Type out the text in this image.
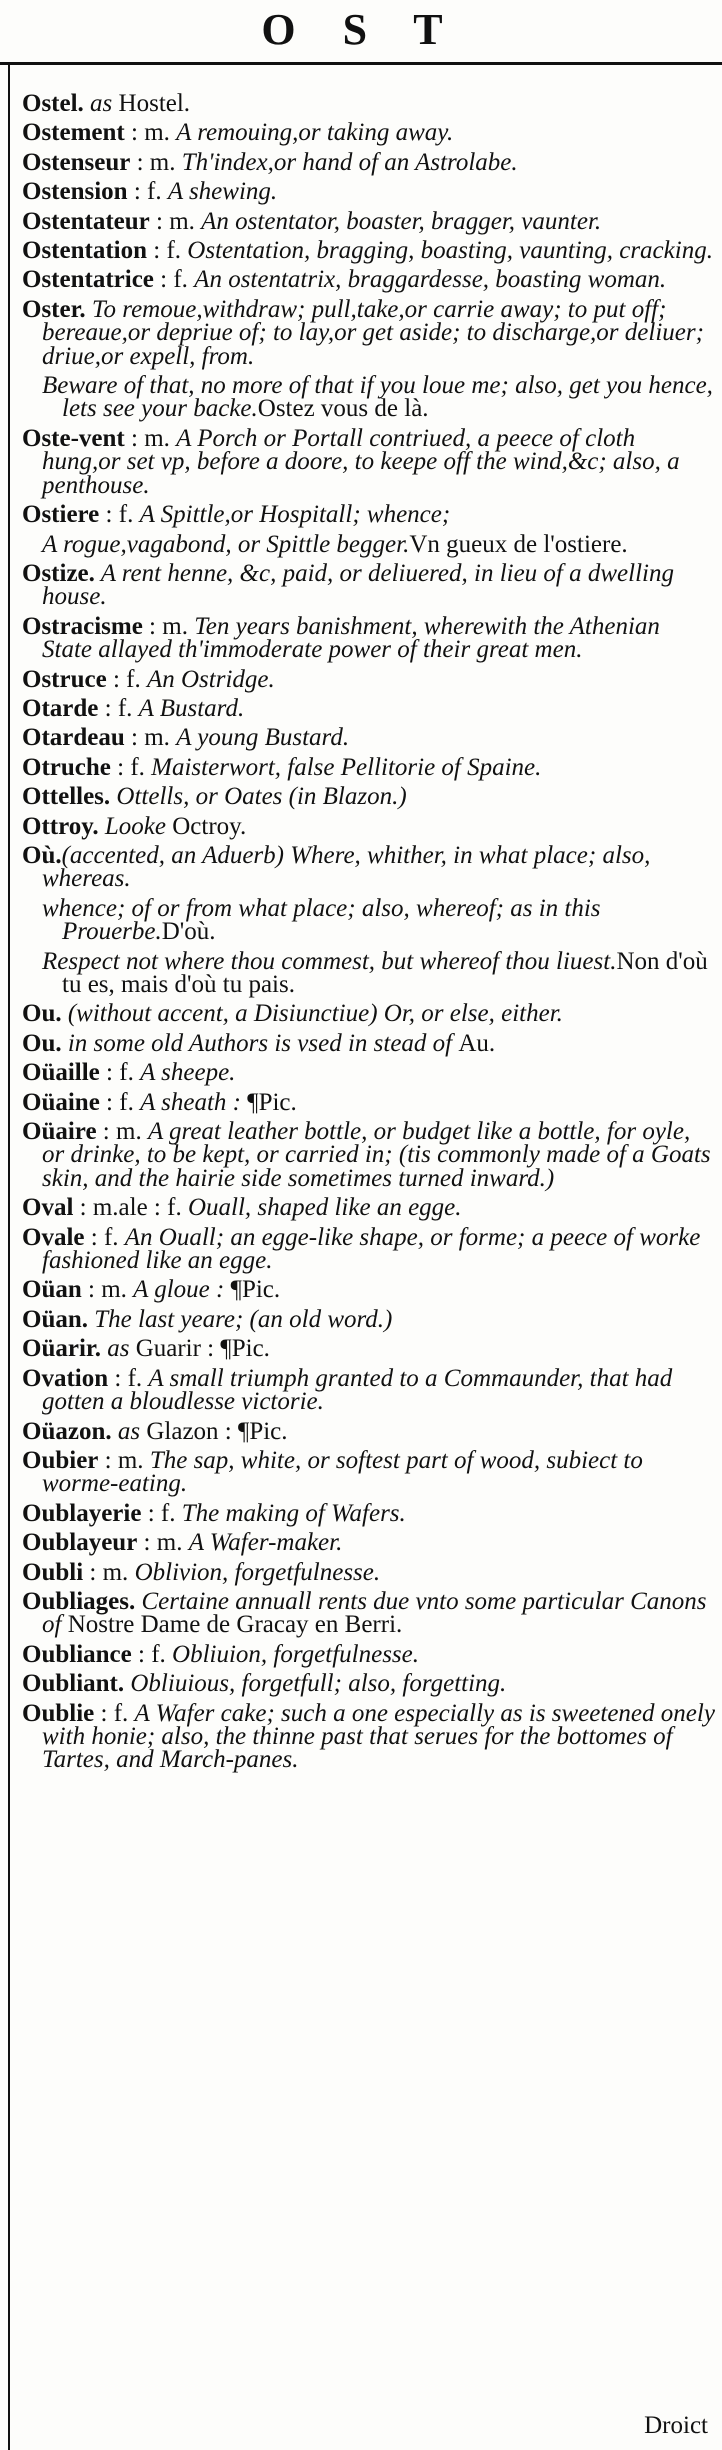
O S T
Ostel. as Hostel.
Ostement : m. A remouing,or taking away.
Ostenseur : m. Th'index,or hand of an Astrolabe.
Ostension : f. A shewing.
Ostentateur : m. An ostentator, boaster, bragger, vaunter.
Ostentation : f. Ostentation, bragging, boasting, vaunting, cracking.
Ostentatrice : f. An ostentatrix, braggardesse, boasting woman.
Oster. To remoue,withdraw; pull,take,or carrie away; to put off; bereaue,or depriue of; to lay,or get aside; to discharge,or deliuer; driue,or expell, from.
Beware of that, no more of that if you loue me; also, get you hence, lets see your backe.Ostez vous de là.
Oste-vent : m. A Porch or Portall contriued, a peece of cloth hung,or set vp, before a doore, to keepe off the wind,&c; also, a penthouse.
Ostiere : f. A Spittle,or Hospitall; whence;
A rogue,vagabond, or Spittle begger.Vn gueux de l'ostiere.
Ostize. A rent henne, &c, paid, or deliuered, in lieu of a dwelling house.
Ostracisme : m. Ten years banishment, wherewith the Athenian State allayed th'immoderate power of their great men.
Ostruce : f. An Ostridge.
Otarde : f. A Bustard.
Otardeau : m. A young Bustard.
Otruche : f. Maisterwort, false Pellitorie of Spaine.
Ottelles. Ottells, or Oates (in Blazon.)
Ottroy. Looke Octroy.
Où.(accented, an Aduerb) Where, whither, in what place; also, whereas.
whence; of or from what place; also, whereof; as in this Prouerbe.D'où.
Respect not where thou commest, but whereof thou liuest.Non d'où tu es, mais d'où tu pais.
Ou. (without accent, a Disiunctiue) Or, or else, either.
Ou. in some old Authors is vsed in stead of Au.
Oüaille : f. A sheepe.
Oüaine : f. A sheath : ¶Pic.
Oüaire : m. A great leather bottle, or budget like a bottle, for oyle, or drinke, to be kept, or carried in; (tis commonly made of a Goats skin, and the hairie side sometimes turned inward.)
Oval : m.ale : f. Ouall, shaped like an egge.
Ovale : f. An Ouall; an egge-like shape, or forme; a peece of worke fashioned like an egge.
Oüan : m. A gloue : ¶Pic.
Oüan. The last yeare; (an old word.)
Oüarir. as Guarir : ¶Pic.
Ovation : f. A small triumph granted to a Commaunder, that had gotten a bloudlesse victorie.
Oüazon. as Glazon : ¶Pic.
Oubier : m. The sap, white, or softest part of wood, subiect to worme-eating.
Oublayerie : f. The making of Wafers.
Oublayeur : m. A Wafer-maker.
Oubli : m. Oblivion, forgetfulnesse.
Oubliages. Certaine annuall rents due vnto some particular Canons of Nostre Dame de Gracay en Berri.
Oubliance : f. Obliuion, forgetfulnesse.
Oubliant. Obliuious, forgetfull; also, forgetting.
Oublie : f. A Wafer cake; such a one especially as is sweetened onely with honie; also, the thinne past that serues for the bottomes of Tartes, and March-panes.
Droict
